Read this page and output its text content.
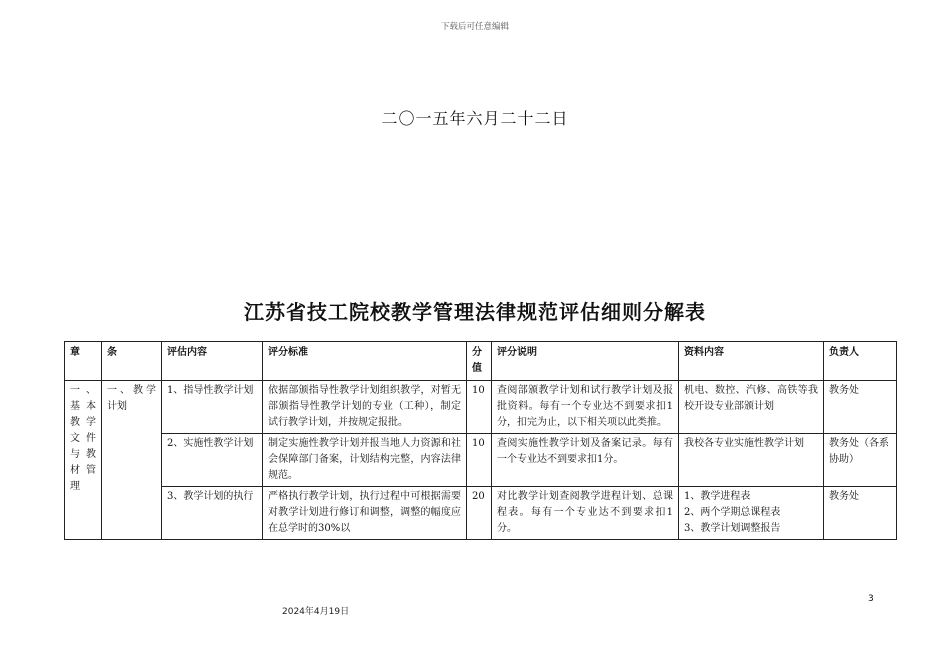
下载后可任意编辑
二〇一五年六月二十二日
江苏省技工院校教学管理法律规范评估细则分解表
章	条	评估内容	评分标准	分值	评分说明	资料内容	负责人
一、基本教学文件与教材管理	一、教学计划	1、指导性教学计划	依据部颁指导性教学计划组织教学，对暂无部颁指导性教学计划的专业（工种），制定试行教学计划，并按规定报批。	10	查阅部颁教学计划和试行教学计划及报批资料。每有一个专业达不到要求扣1分，扣完为止，以下相关项以此类推。	机电、数控、汽修、高铁等我校开设专业部颁计划	教务处
		2、实施性教学计划	制定实施性教学计划并报当地人力资源和社会保障部门备案，计划结构完整，内容法律规范。	10	查阅实施性教学计划及备案记录。每有一个专业达不到要求扣1分。	我校各专业实施性教学计划	教务处（各系协助）
		3、教学计划的执行	严格执行教学计划，执行过程中可根据需要对教学计划进行修订和调整，调整的幅度应在总学时的30%以	20	对比教学计划查阅教学进程计划、总课程表。每有一个专业达不到要求扣1分。	1、教学进程表
2、两个学期总课程表
3、教学计划调整报告	教务处
3
2024年4月19日
